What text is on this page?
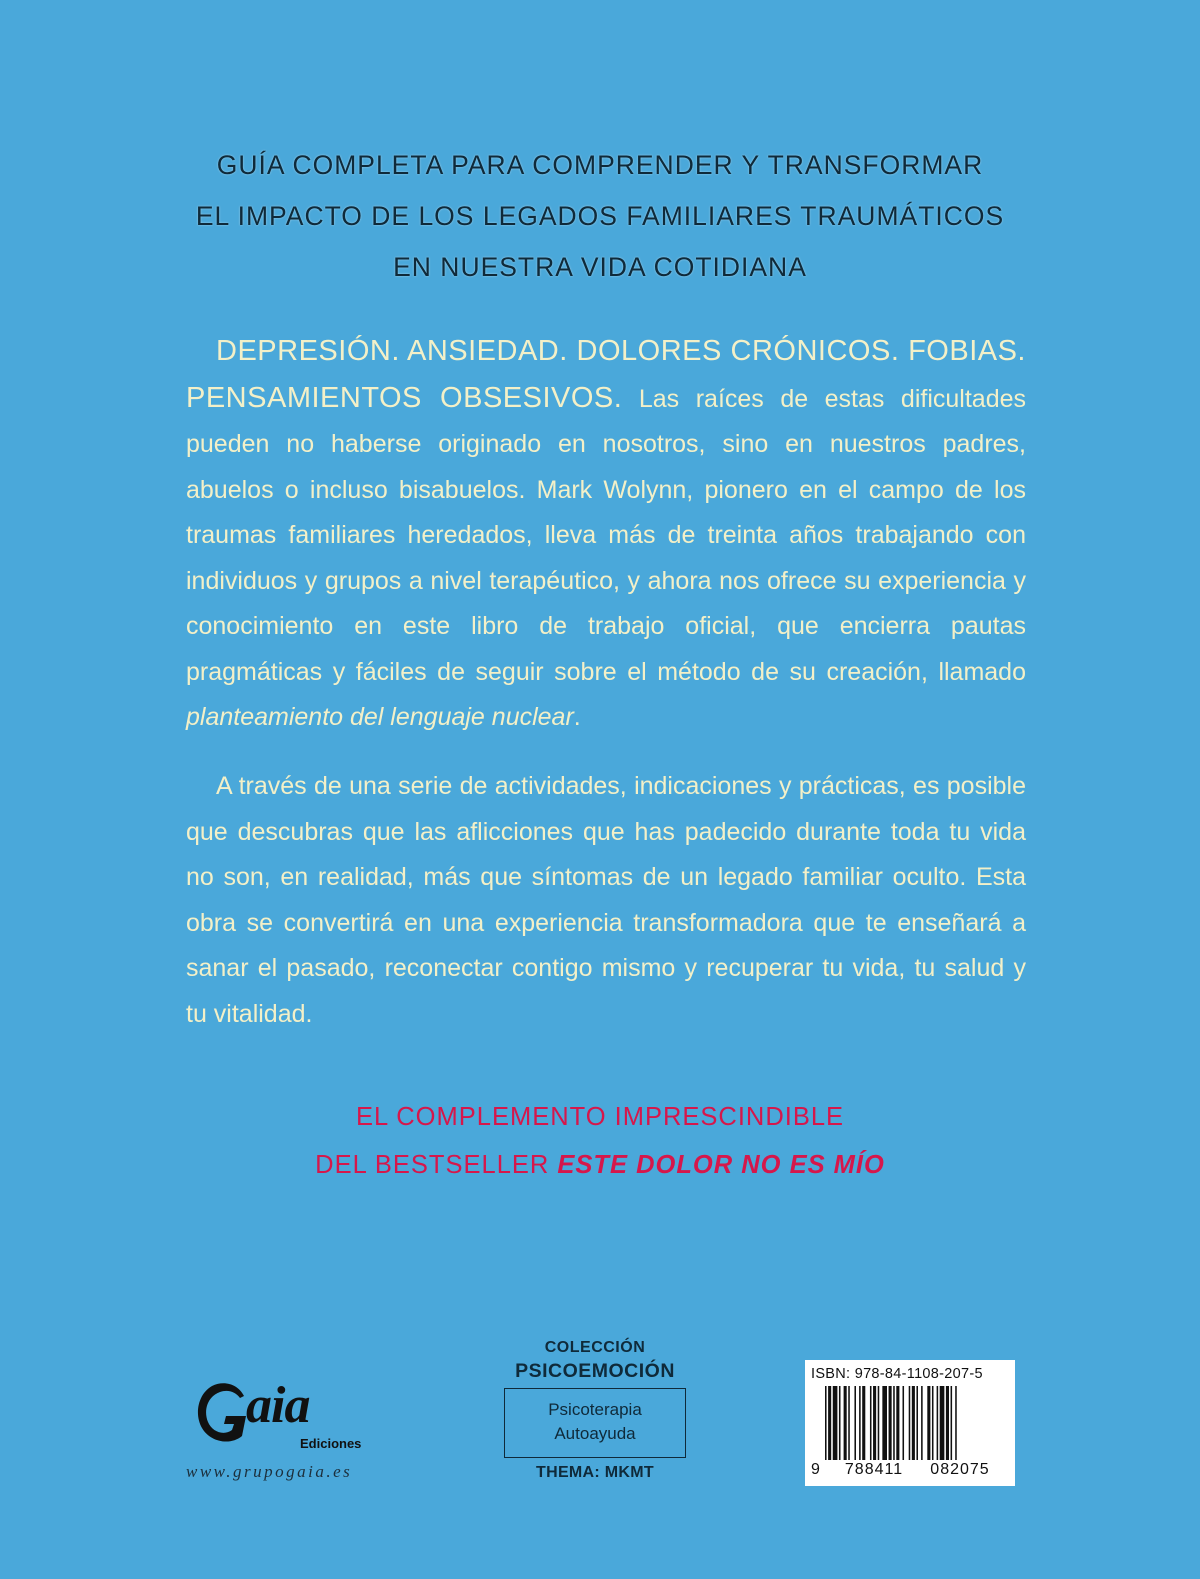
GUÍA COMPLETA PARA COMPRENDER Y TRANSFORMAR
EL IMPACTO DE LOS LEGADOS FAMILIARES TRAUMÁTICOS
EN NUESTRA VIDA COTIDIANA
DEPRESIÓN. ANSIEDAD. DOLORES CRÓNICOS. FOBIAS. PENSAMIENTOS OBSESIVOS. Las raíces de estas dificultades pueden no haberse originado en nosotros, sino en nuestros padres, abuelos o incluso bisabuelos. Mark Wolynn, pionero en el campo de los traumas familiares heredados, lleva más de treinta años trabajando con individuos y grupos a nivel terapéutico, y ahora nos ofrece su experiencia y conocimiento en este libro de trabajo oficial, que encierra pautas pragmáticas y fáciles de seguir sobre el método de su creación, llamado planteamiento del lenguaje nuclear.
A través de una serie de actividades, indicaciones y prácticas, es posible que descubras que las aflicciones que has padecido durante toda tu vida no son, en realidad, más que síntomas de un legado familiar oculto. Esta obra se convertirá en una experiencia transformadora que te enseñará a sanar el pasado, reconectar contigo mismo y recuperar tu vida, tu salud y tu vitalidad.
EL COMPLEMENTO IMPRESCINDIBLE
DEL BESTSELLER ESTE DOLOR NO ES MÍO
aia
Ediciones
www.grupogaia.es
COLECCIÓN
PSICOEMOCIÓN
Psicoterapia
Autoayuda
THEMA: MKMT
ISBN: 978-84-1108-207-5
9 788411 082075
